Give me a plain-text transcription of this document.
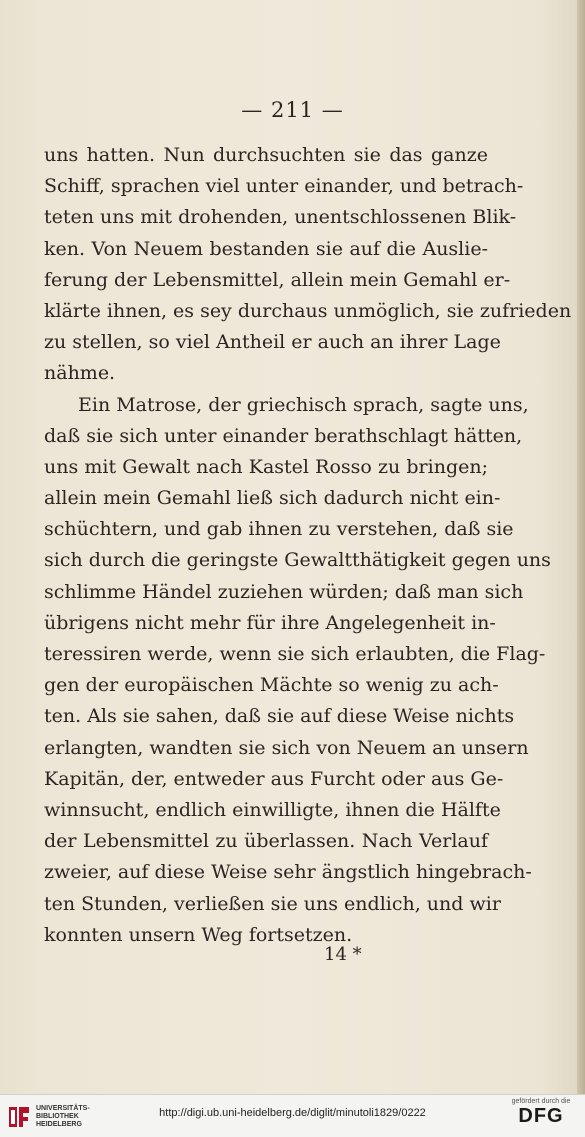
— 211 —
uns hatten. Nun durchsuchten sie das ganze
Schiff, sprachen viel unter einander, und betrach-
teten uns mit drohenden, unentschlossenen Blik-
ken. Von Neuem bestanden sie auf die Auslie-
ferung der Lebensmittel, allein mein Gemahl er-
klärte ihnen, es sey durchaus unmöglich, sie zufrieden
zu stellen, so viel Antheil er auch an ihrer Lage
nähme.
Ein Matrose, der griechisch sprach, sagte uns,
daß sie sich unter einander berathschlagt hätten,
uns mit Gewalt nach Kastel Rosso zu bringen;
allein mein Gemahl ließ sich dadurch nicht ein-
schüchtern, und gab ihnen zu verstehen, daß sie
sich durch die geringste Gewaltthätigkeit gegen uns
schlimme Händel zuziehen würden; daß man sich
übrigens nicht mehr für ihre Angelegenheit in-
teressiren werde, wenn sie sich erlaubten, die Flag-
gen der europäischen Mächte so wenig zu ach-
ten. Als sie sahen, daß sie auf diese Weise nichts
erlangten, wandten sie sich von Neuem an unsern
Kapitän, der, entweder aus Furcht oder aus Ge-
winnsucht, endlich einwilligte, ihnen die Hälfte
der Lebensmittel zu überlassen. Nach Verlauf
zweier, auf diese Weise sehr ängstlich hingebrach-
ten Stunden, verließen sie uns endlich, und wir
konnten unsern Weg fortsetzen.
14 *
UNIVERSITÄTS-
BIBLIOTHEK
HEIDELBERG
http://digi.ub.uni-heidelberg.de/diglit/minutoli1829/0222
gefördert durch die
DFG
